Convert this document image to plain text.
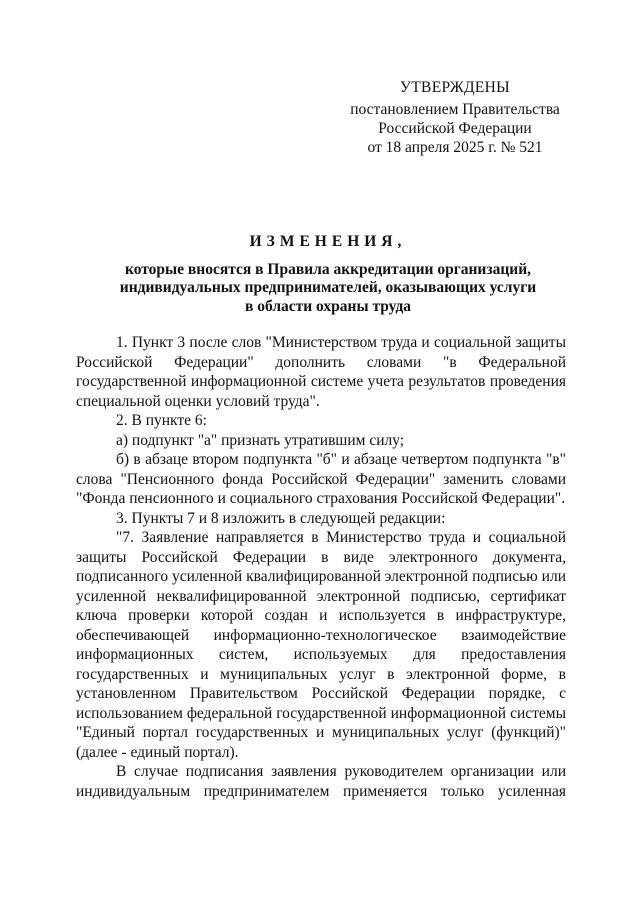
УТВЕРЖДЕНЫ
постановлением Правительства
Российской Федерации
от 18 апреля 2025 г. № 521
ИЗМЕНЕНИЯ,
которые вносятся в Правила аккредитации организаций,
индивидуальных предпринимателей, оказывающих услуги
в области охраны труда

1. Пункт 3 после слов "Министерством труда и социальной защиты Российской Федерации" дополнить словами "в Федеральной государственной информационной системе учета результатов проведения специальной оценки условий труда".

2. В пункте 6:

а) подпункт "а" признать утратившим силу;

б) в абзаце втором подпункта "б" и абзаце четвертом подпункта "в" слова "Пенсионного фонда Российской Федерации" заменить словами "Фонда пенсионного и социального страхования Российской Федерации".

3. Пункты 7 и 8 изложить в следующей редакции:

"7. Заявление направляется в Министерство труда и социальной защиты Российской Федерации в виде электронного документа, подписанного усиленной квалифицированной электронной подписью или усиленной неквалифицированной электронной подписью, сертификат ключа проверки которой создан и используется в инфраструктуре, обеспечивающей информационно-технологическое взаимодействие информационных систем, используемых для предоставления государственных и муниципальных услуг в электронной форме, в установленном Правительством Российской Федерации порядке, с использованием федеральной государственной информационной системы "Единый портал государственных и муниципальных услуг (функций)" (далее - единый портал).

В случае подписания заявления руководителем организации или индивидуальным предпринимателем применяется только усиленная
